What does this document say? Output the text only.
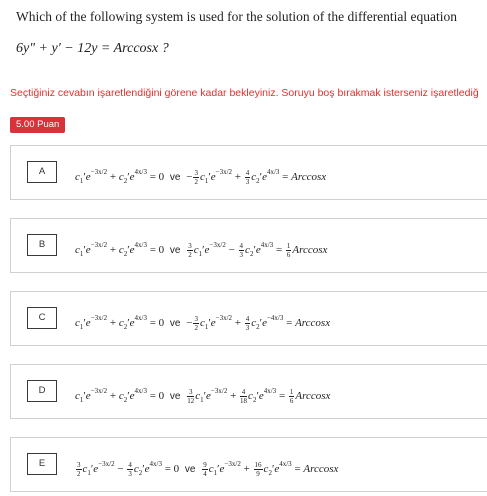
Which of the following system is used for the solution of the differential equation
6y″ + y′ − 12y = Arccosx ?
Seçtiğiniz cevabın işaretlendiğini görene kadar bekleyiniz. Soruyu boş bırakmak isterseniz işaretlediğ
5.00 Puan
A	$c_1'e^{-3x/2} + c_2'e^{4x/3} = 0$ ve − $\frac{3}{2} c_1'e^{-3x/2} + \frac{4}{3} c_2'e^{4x/3} = Arccosx$
B	$c_1'e^{-3x/2} + c_2'e^{4x/3} = 0$ ve $\frac{3}{2} c_1'e^{-3x/2} - \frac{4}{3} c_2'e^{4x/3} = \frac{1}{6}$ Arccosx
C	$c_1'e^{-3x/2} + c_2'e^{4x/3} = 0$ ve − $\frac{3}{2} c_1'e^{-3x/2} + \frac{4}{3} c_2'e^{-4x/3} = Arccosx$
D	$c_1'e^{-3x/2} + c_2'e^{4x/3} = 0$ ve $\frac{3}{12} c_1'e^{-3x/2} + \frac{4}{18} c_2'e^{4x/3} = \frac{1}{6}$ Arccosx
E	$\frac{3}{2} c_1'e^{-3x/2} - \frac{4}{3} c_2'e^{4x/3} = 0$ ve $\frac{9}{4} c_1'e^{-3x/2} + \frac{16}{9} c_2'e^{4x/3} = Arccosx$
